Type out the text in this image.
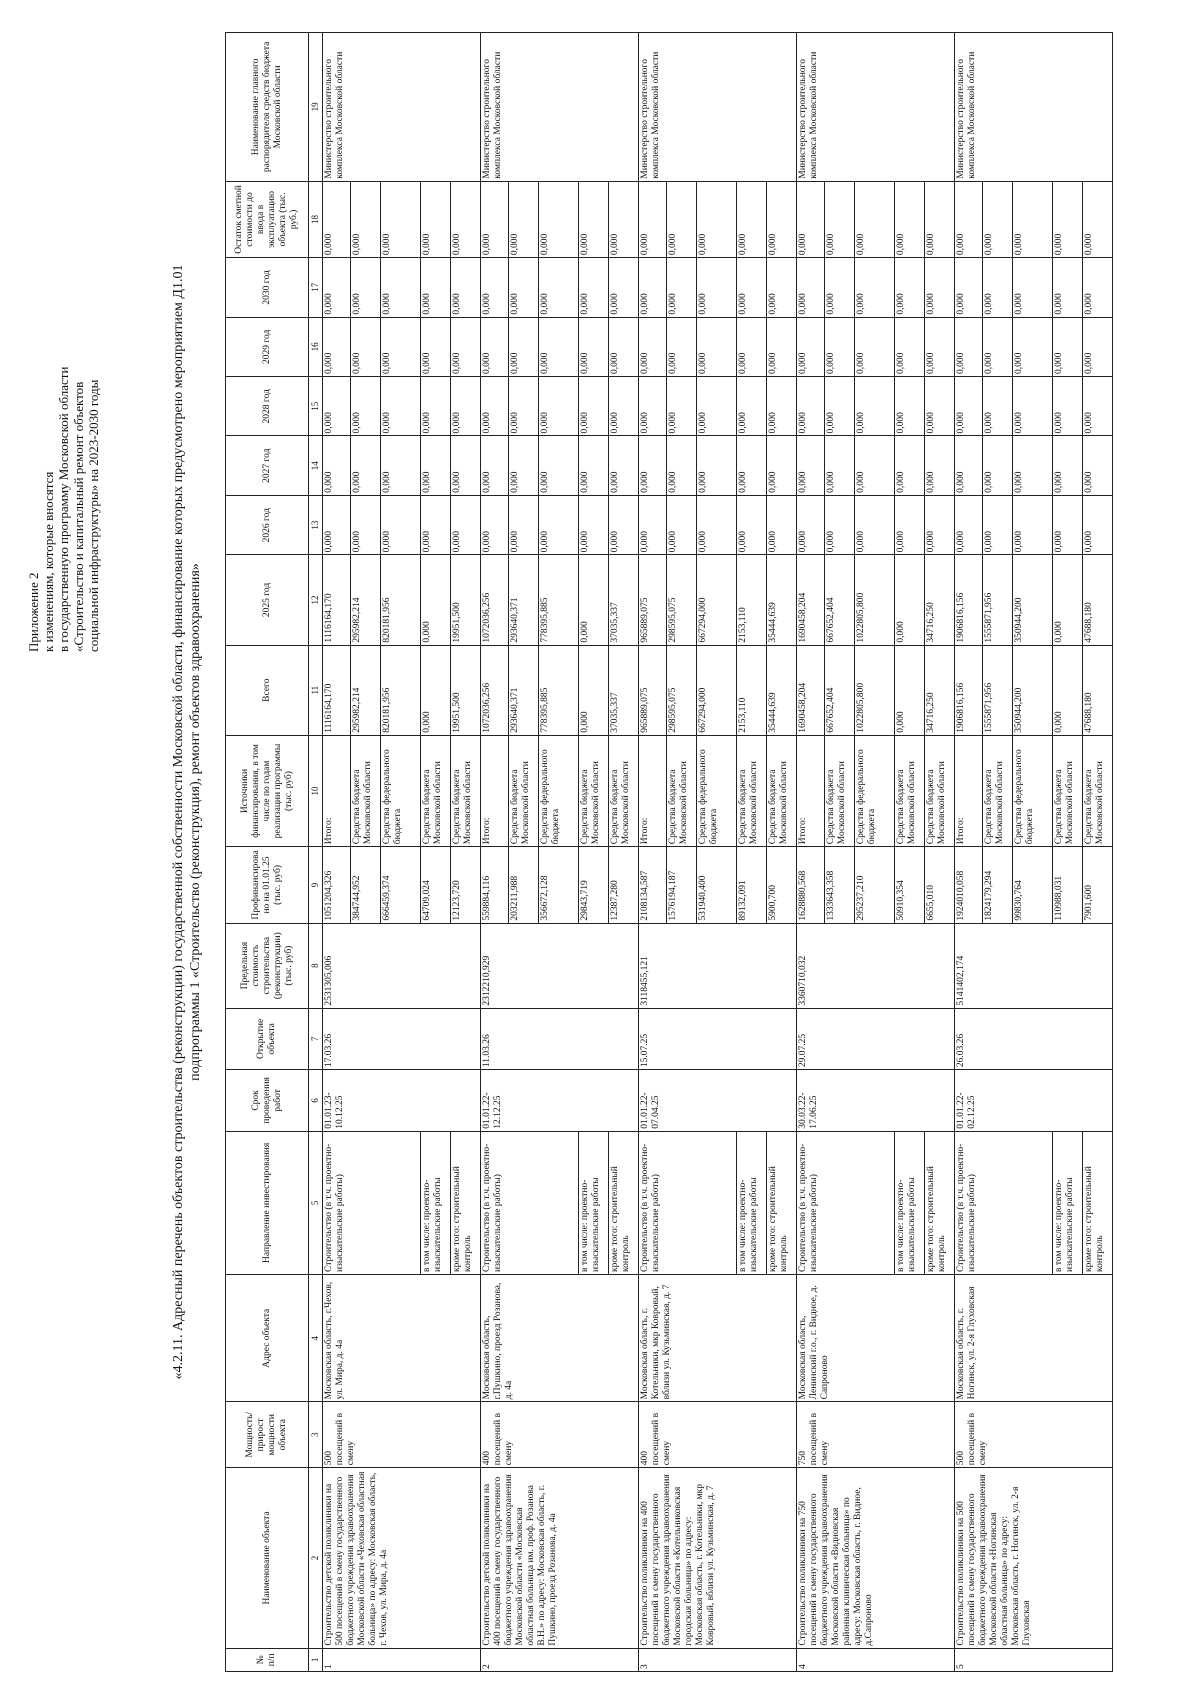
Приложение 2 к изменениям, которые вносятся в государственную программу Московской области «Строительство и капитальный ремонт объектов социальной инфраструктуры» на 2023-2030 годы	«4.2.11. Адресный перечень объектов строительства (реконструкции) государственной собственности Московской области, финансирование которых предусмотрено мероприятием Д1.01 подпрограммы 1 «Строительство (реконструкция), ремонт объектов здравоохранения»
№ п/п	Наименование объекта	Мощность/ прирост мощности объекта	Адрес объекта	Направление инвестирования	Срок проведения работ	Открытие объекта	Предельная стоимость строительства (реконструкции) (тыс. руб)	Профинансировано на 01.01.25 (тыс. руб)	Источники финансирования, в том числе по годам реализации программы (тыс. руб)	Всего	2025 год	2026 год	2027 год	2028 год	2029 год	2030 год	Остаток сметной стоимости до ввода в эксплуатацию объекта (тыс. руб.)	Наименование главного распорядителя средств бюджета Московской области
1	2	3	4	5	6	7	8	9	10	11	12	13	14	15	16	17	18	19
1	Строительство детской поликлиники на 500 посещений в смену государственного бюджетного учреждения здравоохранения Московской области «Чеховская областная больница» по адресу: Московская область, г. Чехов, ул. Мира, д. 4а	500 посещений в смену	Московская область, г.Чехов, ул. Мира, д. 4а	Строительство (в т.ч. проектно-изыскательские работы)	01.01.23-10.12.25	17.03.26	2531305,006	1051204,326	Итого:	1116164,170	1116164,170	0,000	0,000	0,000	0,000	0,000	0,000	Министерство строительного комплекса Московской области
								384744,952	Средства бюджета Московской области	295982,214	295982,214	0,000	0,000	0,000	0,000	0,000	0,000	
								666459,374	Средства федерального бюджета	820181,956	820181,956	0,000	0,000	0,000	0,000	0,000	0,000	
				в том числе: проектно-изыскательские работы				64709,024	Средства бюджета Московской области	0,000	0,000	0,000	0,000	0,000	0,000	0,000	0,000	
				кроме того: строительный контроль				12123,720	Средства бюджета Московской области	19951,500	19951,500	0,000	0,000	0,000	0,000	0,000	0,000	
2	Строительство детской поликлиники на 400 посещений в смену государственного бюджетного учреждения здравоохранения Московской области «Московская областная больница им. проф. Розанова В.Н.» по адресу: Московская область, г. Пушкино, проезд Розанова, д. 4а	400 посещений в смену	Московская область, г.Пушкино, проезд Розанова, д. 4а	Строительство (в т.ч. проектно-изыскательские работы)	01.01.22-12.12.25	11.03.26	2312210,929	559884,116	Итого:	1072036,256	1072036,256	0,000	0,000	0,000	0,000	0,000	0,000	Министерство строительного комплекса Московской области
								203211,988	Средства бюджета Московской области	293640,371	293640,371	0,000	0,000	0,000	0,000	0,000	0,000	
								356672,128	Средства федерального бюджета	778395,885	778395,885	0,000	0,000	0,000	0,000	0,000	0,000	
				в том числе: проектно-изыскательские работы				29843,719	Средства бюджета Московской области	0,000	0,000	0,000	0,000	0,000	0,000	0,000	0,000	
				кроме того: строительный контроль				12387,280	Средства бюджета Московской области	37035,337	37035,337	0,000	0,000	0,000	0,000	0,000	0,000	
3	Строительство поликлиники на 400 посещений в смену государственного бюджетного учреждения здравоохранения Московской области «Котельниковская городская больница» по адресу: Московская область, г. Котельники, мкр Ковровый, вблизи ул. Кузьминская, д. 7	400 посещений в смену	Московская область, г. Котельники, мкр Ковровый, вблизи ул. Кузьминская, д. 7	Строительство (в т.ч. проектно-изыскательские работы)	01.01.22-07.04.25	15.07.25	3118455,121	2108134,587	Итого:	965889,075	965889,075	0,000	0,000	0,000	0,000	0,000	0,000	Министерство строительного комплекса Московской области
								1576194,187	Средства бюджета Московской области	298595,075	298595,075	0,000	0,000	0,000	0,000	0,000	0,000	
								531940,400	Средства федерального бюджета	667294,000	667294,000	0,000	0,000	0,000	0,000	0,000	0,000	
				в том числе: проектно-изыскательские работы				89132,091	Средства бюджета Московской области	2153,110	2153,110	0,000	0,000	0,000	0,000	0,000	0,000	
				кроме того: строительный контроль				5900,700	Средства бюджета Московской области	35444,639	35444,639	0,000	0,000	0,000	0,000	0,000	0,000	
4	Строительство поликлиники на 750 посещений в смену государственного бюджетного учреждения здравоохранения Московской области «Видновская районная клиническая больница» по адресу: Московская область, г. Видное, д.Сапроново	750 посещений в смену	Московская область, Ленинский г.о., г. Видное, д. Сапроново	Строительство (в т.ч. проектно-изыскательские работы)	30.03.22-17.06.25	29.07.25	3360710,032	1628880,568	Итого:	1690458,204	1690458,204	0,000	0,000	0,000	0,000	0,000	0,000	Министерство строительного комплекса Московской области
								1333643,358	Средства бюджета Московской области	667652,404	667652,404	0,000	0,000	0,000	0,000	0,000	0,000	
								295237,210	Средства федерального бюджета	1022805,800	1022805,800	0,000	0,000	0,000	0,000	0,000	0,000	
				в том числе: проектно-изыскательские работы				50910,354	Средства бюджета Московской области	0,000	0,000	0,000	0,000	0,000	0,000	0,000	0,000	
				кроме того: строительный контроль				6655,010	Средства бюджета Московской области	34716,250	34716,250	0,000	0,000	0,000	0,000	0,000	0,000	
5	Строительство поликлиники на 500 посещений в смену государственного бюджетного учреждения здравоохранения Московской области «Ногинская областная больница» по адресу: Московская область, г. Ногинск, ул. 2-я Глуховская	500 посещений в смену	Московская область, г. Ногинск, ул. 2-я Глуховская	Строительство (в т.ч. проектно-изыскательские работы)	01.01.22-02.12.25	26.03.26	5141402,174	1924010,058	Итого:	1906816,156	1906816,156	0,000	0,000	0,000	0,000	0,000	0,000	Министерство строительного комплекса Московской области
								1824179,294	Средства бюджета Московской области	1555871,956	1555871,956	0,000	0,000	0,000	0,000	0,000	0,000	
								99830,764	Средства федерального бюджета	350944,200	350944,200	0,000	0,000	0,000	0,000	0,000	0,000	
				в том числе: проектно-изыскательские работы				110988,031	Средства бюджета Московской области	0,000	0,000	0,000	0,000	0,000	0,000	0,000	0,000	
				кроме того: строительный контроль				7901,600	Средства бюджета Московской области	47688,180	47688,180	0,000	0,000	0,000	0,000	0,000	0,000	
